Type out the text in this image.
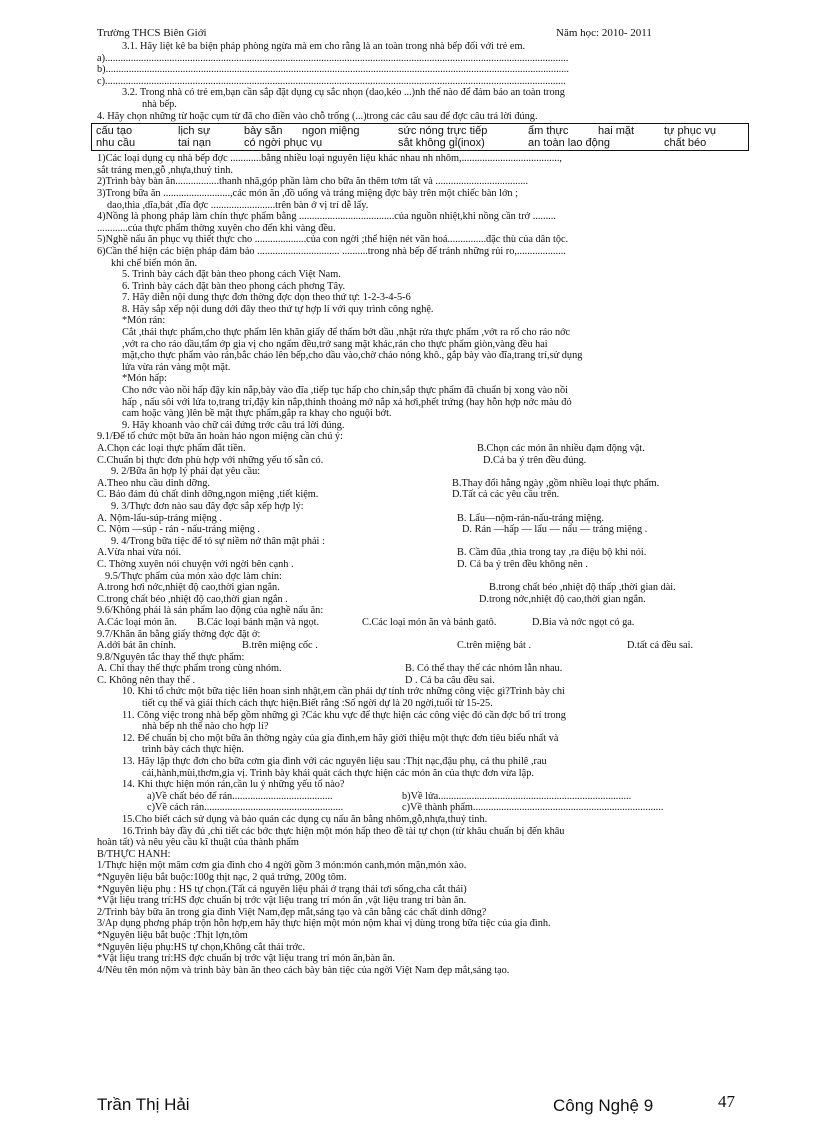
Trường THCS Biên Giới	Năm học: 2010- 2011
3.1. Hãy liệt kê ba biện pháp phòng ngừa mà em cho rằng là an toàn trong nhà bếp đối với trẻ em.
a)....................................................................................................................................................................................
b)....................................................................................................................................................................................
c)...................................................................................................................................................................................
3.2. Trong nhà có trẻ em,bạn cần sắp đặt dụng cụ sắc nhọn (dao,kéo ...)nh thế nào để đảm bảo an toàn trong
nhà bếp.
4. Hãy chọn những từ hoặc cụm từ đã cho điền vào chỗ trống (...)trong các câu sau để đợc câu trả lời đúng.
cấu tạo	lịch sự	bày sẵn	ngon miệng	sức nóng trực tiếp	ẩm thực	hai mặt	tự phục vụ
nhu cầu	tai nạn	có ngời phục vụ	sắt không gỉ(inox)	an toàn lao động	chất béo
1)Các loại dụng cụ nhà bếp đợc ............bằng nhiều loại nguyên liệu khác nhau nh nhôm,......................................,
sắt tráng men,gỗ ,nhựa,thuỷ tinh.
2)Trình bày bàn ăn.................thanh nhã,góp phần làm cho bữa ăn thêm tơm tất và ....................................
3)Trong bữa ăn ..........................,các món ăn ,đồ uống và tráng miệng đợc bày trên một chiếc bàn lớn ;
dao,thìa ,dĩa,bát ,đĩa đợc .........................trên bàn ở vị trí dễ lấy.
4)Nồng là phong pháp làm chín thực phẩm bằng .....................................của nguồn nhiệt,khi nồng cần trở .........
............của thực phẩm thờng xuyên cho đến khi vàng đều.
5)Nghề nấu ăn phục vụ thiết thực cho ....................của con ngời ;thể hiện nét văn hoá...............đặc thù của dân tộc.
6)Cần thể hiện các biện pháp đảm bảo ................................ ..........trong nhà bếp để tránh những rủi ro,...................
khi chế biến món ăn.
5. Trình bày cách đặt bàn theo phong cách Việt Nam.
6. Trình bày cách đặt bàn theo phong cách phơng Tây.
7. Hãy diễn nội dung thực đơn thờng đợc dọn theo thứ tự: 1-2-3-4-5-6
8. Hãy sắp xếp nội dung dới đây theo thứ tự hợp lí với quy trình công nghệ.
*Món rán:
Cắt ,thái thực phẩm,cho thực phẩm lên khăn giấy để thấm bớt dầu ,nhặt rửa thực phẩm ,vớt ra rổ cho ráo nớc
,vớt ra cho ráo dầu,tẩm ớp gia vị cho ngấm đều,trở sang mặt khác,rán cho thực phẩm giòn,vàng đều hai
mặt,cho thực phẩm vào rán,bắc chảo lên bếp,cho dầu vào,chờ chảo nóng khô., gắp bày vào đĩa,trang trí,sử dụng
lửa vừa rán vàng một mặt.
*Món hấp:
Cho nớc vào nồi hấp đậy kín nắp,bày vào đĩa ,tiếp tục hấp cho chín,sắp thực phẩm đã chuẩn bị xong vào nồi
hấp , nấu sôi với lửa to,trang trí,đậy kín nắp,thỉnh thoảng mở nắp xả hơi,phết trứng (hay hỗn hợp nớc màu đỏ
cam hoặc vàng )lên bề mặt thực phẩm,gắp ra khay cho nguội bớt.
9. Hãy khoanh vào chữ cái đứng trớc câu trả lời đúng.
9.1/Để tổ chức một bữa ăn hoàn hảo ngon miệng cần chú ý:
A.Chọn các loại thực phẩm đắt tiền.	B.Chọn các món ăn nhiều đạm động vật.
C.Chuẩn bị thực đơn phù hợp với những yếu tố sẵn có.	D.Cả ba ý trên đều đúng.
9. 2/Bữa ăn hợp lý phải đạt yêu cầu:
A.Theo nhu cầu dinh dỡng.	B.Thay đổi hằng ngày ,gồm nhiều loại thực phẩm.
C. Bảo đảm đủ chất dinh dỡng,ngon miệng ,tiết kiệm.	D.Tất cả các yêu cầu trên.
9. 3/Thực đơn nào sau đây đợc sắp xếp hợp lý:
A. Nộm-lẩu-súp-tráng miệng .	B. Lẩu—nộm-rán-nấu-tráng miệng.
C. Nộm —súp - rán - nấu-tráng miệng .	D. Rán —hấp — lẩu — nấu — tráng miệng .
9. 4/Trong bữa tiệc để tỏ sự niềm nở thân mật phải :
A.Vừa nhai vừa nói.	B. Cầm đũa ,thìa trong tay ,ra điệu bộ khi nói.
C. Thờng xuyên nói chuyện với ngời bên cạnh .	D. Cả ba ý trên đều không nên .
9.5/Thực phẩm của món xào đợc làm chín:
A.trong hơi nớc,nhiệt độ cao,thời gian ngắn.	B.trong chất béo ,nhiệt độ thấp ,thời gian dài.
C.trong chất béo ,nhiệt độ cao,thời gian ngắn .	D.trong nớc,nhiệt độ cao,thời gian ngắn.
9.6/Không phải là sản phẩm lao động của nghề nấu ăn:
A.Các loại món ăn.	B.Các loại bánh mặn và ngọt.	C.Các loại món ăn và bánh gatô.	D.Bia và nớc ngọt có ga.
9.7/Khăn ăn bằng giấy thờng đợc đặt ở:
A.dới bát ăn chính.	B.trên miệng cốc .	C.trên miệng bát .	D.tất cả đều sai.
9.8/Nguyên tắc thay thế thực phẩm:
A. Chỉ thay thế thực phẩm trong cùng nhóm.	B. Có thể thay thế các nhóm lẫn nhau.
C. Không nên thay thế .	D . Cả ba câu đều sai.
10. Khi tổ chức một bữa tiệc liên hoan sinh nhật,em cần phải dự tính trớc những công việc gì?Trình bày chi
tiết cụ thể và giải thích cách thực hiện.Biết rằng :Số ngời dự là 20 ngời,tuổi từ 15-25.
11. Công việc trong nhà bếp gồm những gì ?Các khu vực để thực hiện các công việc đó cần đợc bố trí trong
nhà bếp nh thế nào cho hợp lí?
12. Để chuẩn bị cho một bữa ăn thờng ngày của gia đình,em hãy giới thiệu một thực đơn tiêu biểu nhất và
trình bày cách thực hiện.
13. Hãy lập thực đơn cho bữa cơm gia đình với các nguyên liệu sau :Thịt nạc,đậu phụ, cá thu philê ,rau
cải,hành,mùi,thơm,gia vị. Trình bày khái quát cách thực hiện các món ăn của thực đơn vừa lập.
14. Khi thực hiện món rán,cần lu ý những yếu tố nào?
a)Về chất béo để rán.......................................	b)Về lửa...........................................................................
c)Về cách rán......................................................	c)Về thành phẩm..........................................................................
15.Cho biết cách sử dụng và bảo quản các dụng cụ nấu ăn bằng nhôm,gỗ,nhựa,thuỷ tinh.
16.Trình bày đầy đủ ,chi tiết các bớc thực hiện một món hấp theo đề tài tự chọn (từ khâu chuẩn bị đến khâu
hoàn tất) và nêu yêu cầu kĩ thuật của thành phẩm
B/THỰC HÀNH:
1/Thực hiện một mâm cơm gia đình cho 4 ngời gồm 3 món:món canh,món mặn,món xào.
*Nguyên liệu bắt buộc:100g thịt nạc, 2 quả trứng, 200g tôm.
*Nguyên liệu phụ : HS tự chọn.(Tất cả nguyên liệu phải ở trạng thái tơi sống,cha cắt thái)
*Vật liệu trang trí:HS đợc chuẩn bị trớc vật liệu trang trí món ăn ,vật liệu trang trí bàn ăn.
2/Trình bày bữa ăn trong gia đình Việt Nam,đẹp mắt,sáng tạo và cân bằng các chất dinh dỡng?
3/Áp dụng phơng pháp trộn hỗn hợp,em hãy thực hiện một món nộm khai vị dùng trong bữa tiệc của gia đình.
*Nguyên liệu bắt buộc :Thịt lợn,tôm
*Nguyên liệu phụ:HS tự chọn,Không cắt thái trớc.
*Vật liệu trang trí:HS đợc chuẩn bị trớc vật liệu trang trí món ăn,bàn ăn.
4/Nêu tên món nộm và trình bày bàn ăn theo cách bày bàn tiệc của ngời Việt Nam đẹp mắt,sáng tạo.
Trần Thị Hải	Công Nghệ 9	47
